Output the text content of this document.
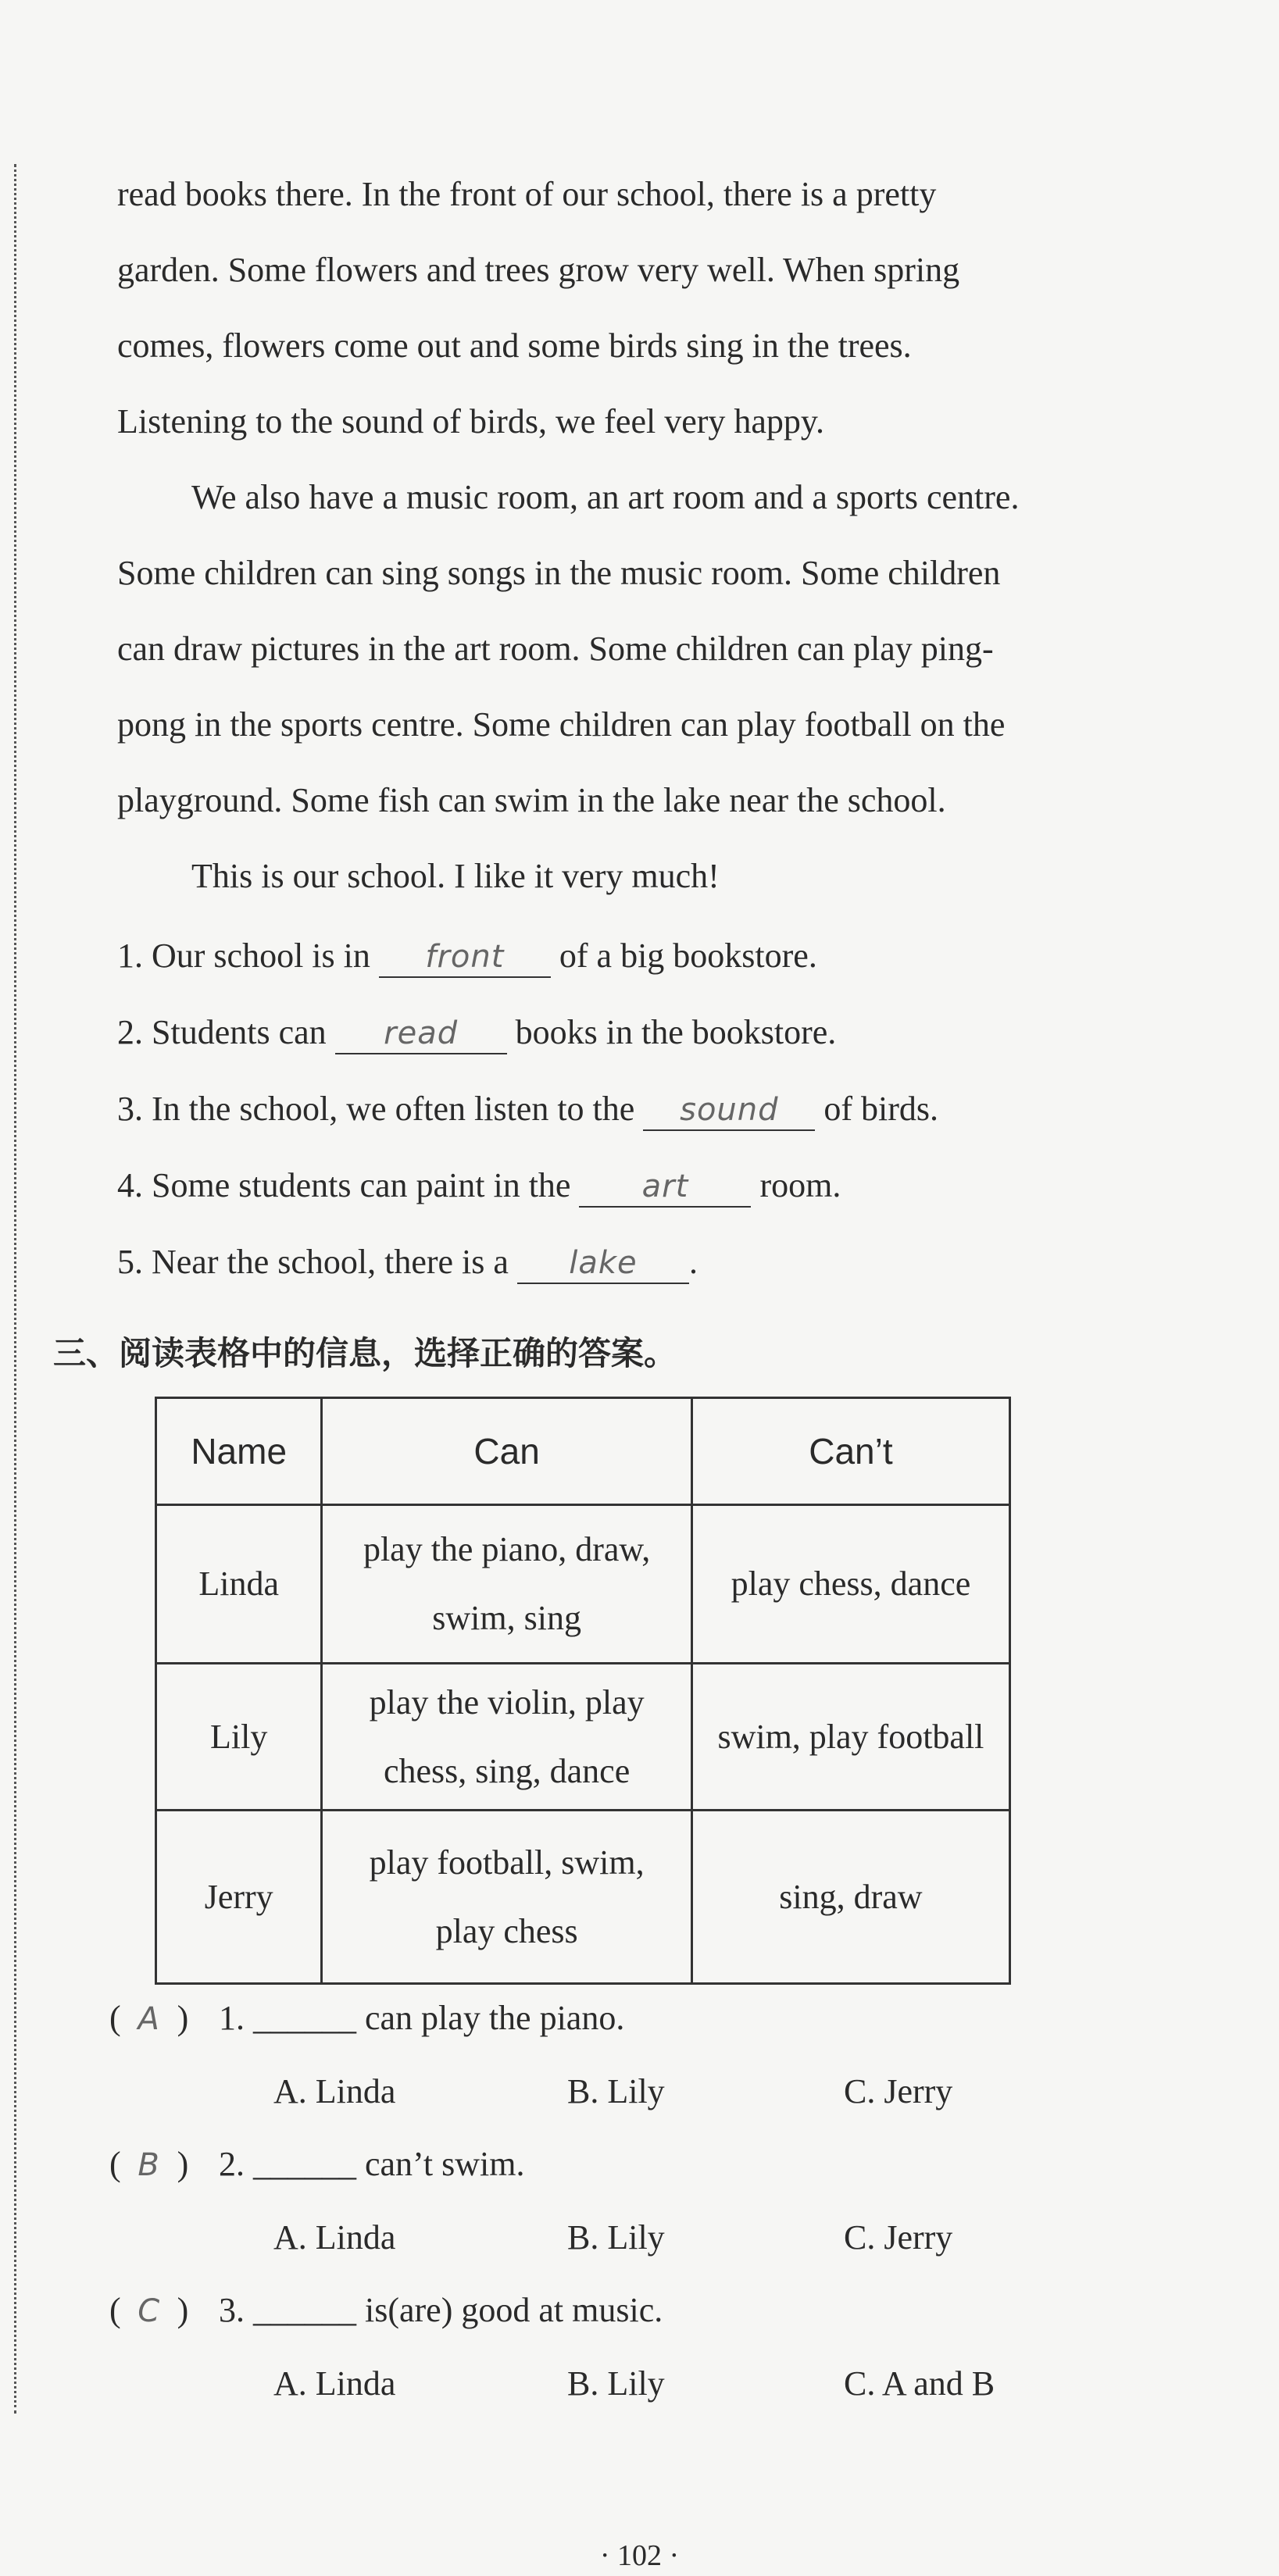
read books there. In the front of our school, there is a pretty
garden. Some flowers and trees grow very well. When spring
comes, flowers come out and some birds sing in the trees.
Listening to the sound of birds, we feel very happy.
We also have a music room, an art room and a sports centre.
Some children can sing songs in the music room. Some children
can draw pictures in the art room. Some children can play ping-
pong in the sports centre. Some children can play football on the
playground. Some fish can swim in the lake near the school.
This is our school. I like it very much!
1. Our school is in front of a big bookstore.
2. Students can read books in the bookstore.
3. In the school, we often listen to the sound of birds.
4. Some students can paint in the art room.
5. Near the school, there is a lake .
三、阅读表格中的信息，选择正确的答案。
Name	Can	Can’t
Linda	play the piano, draw, swim, sing	play chess, dance
Lily	play the violin, play chess, sing, dance	swim, play football
Jerry	play football, swim, play chess	sing, draw
( A ) 1. ______ can play the piano.
A. Linda	B. Lily	C. Jerry
( B ) 2. ______ can’t swim.
A. Linda	B. Lily	C. Jerry
( C ) 3. ______ is(are) good at music.
A. Linda	B. Lily	C. A and B
· 102 ·
